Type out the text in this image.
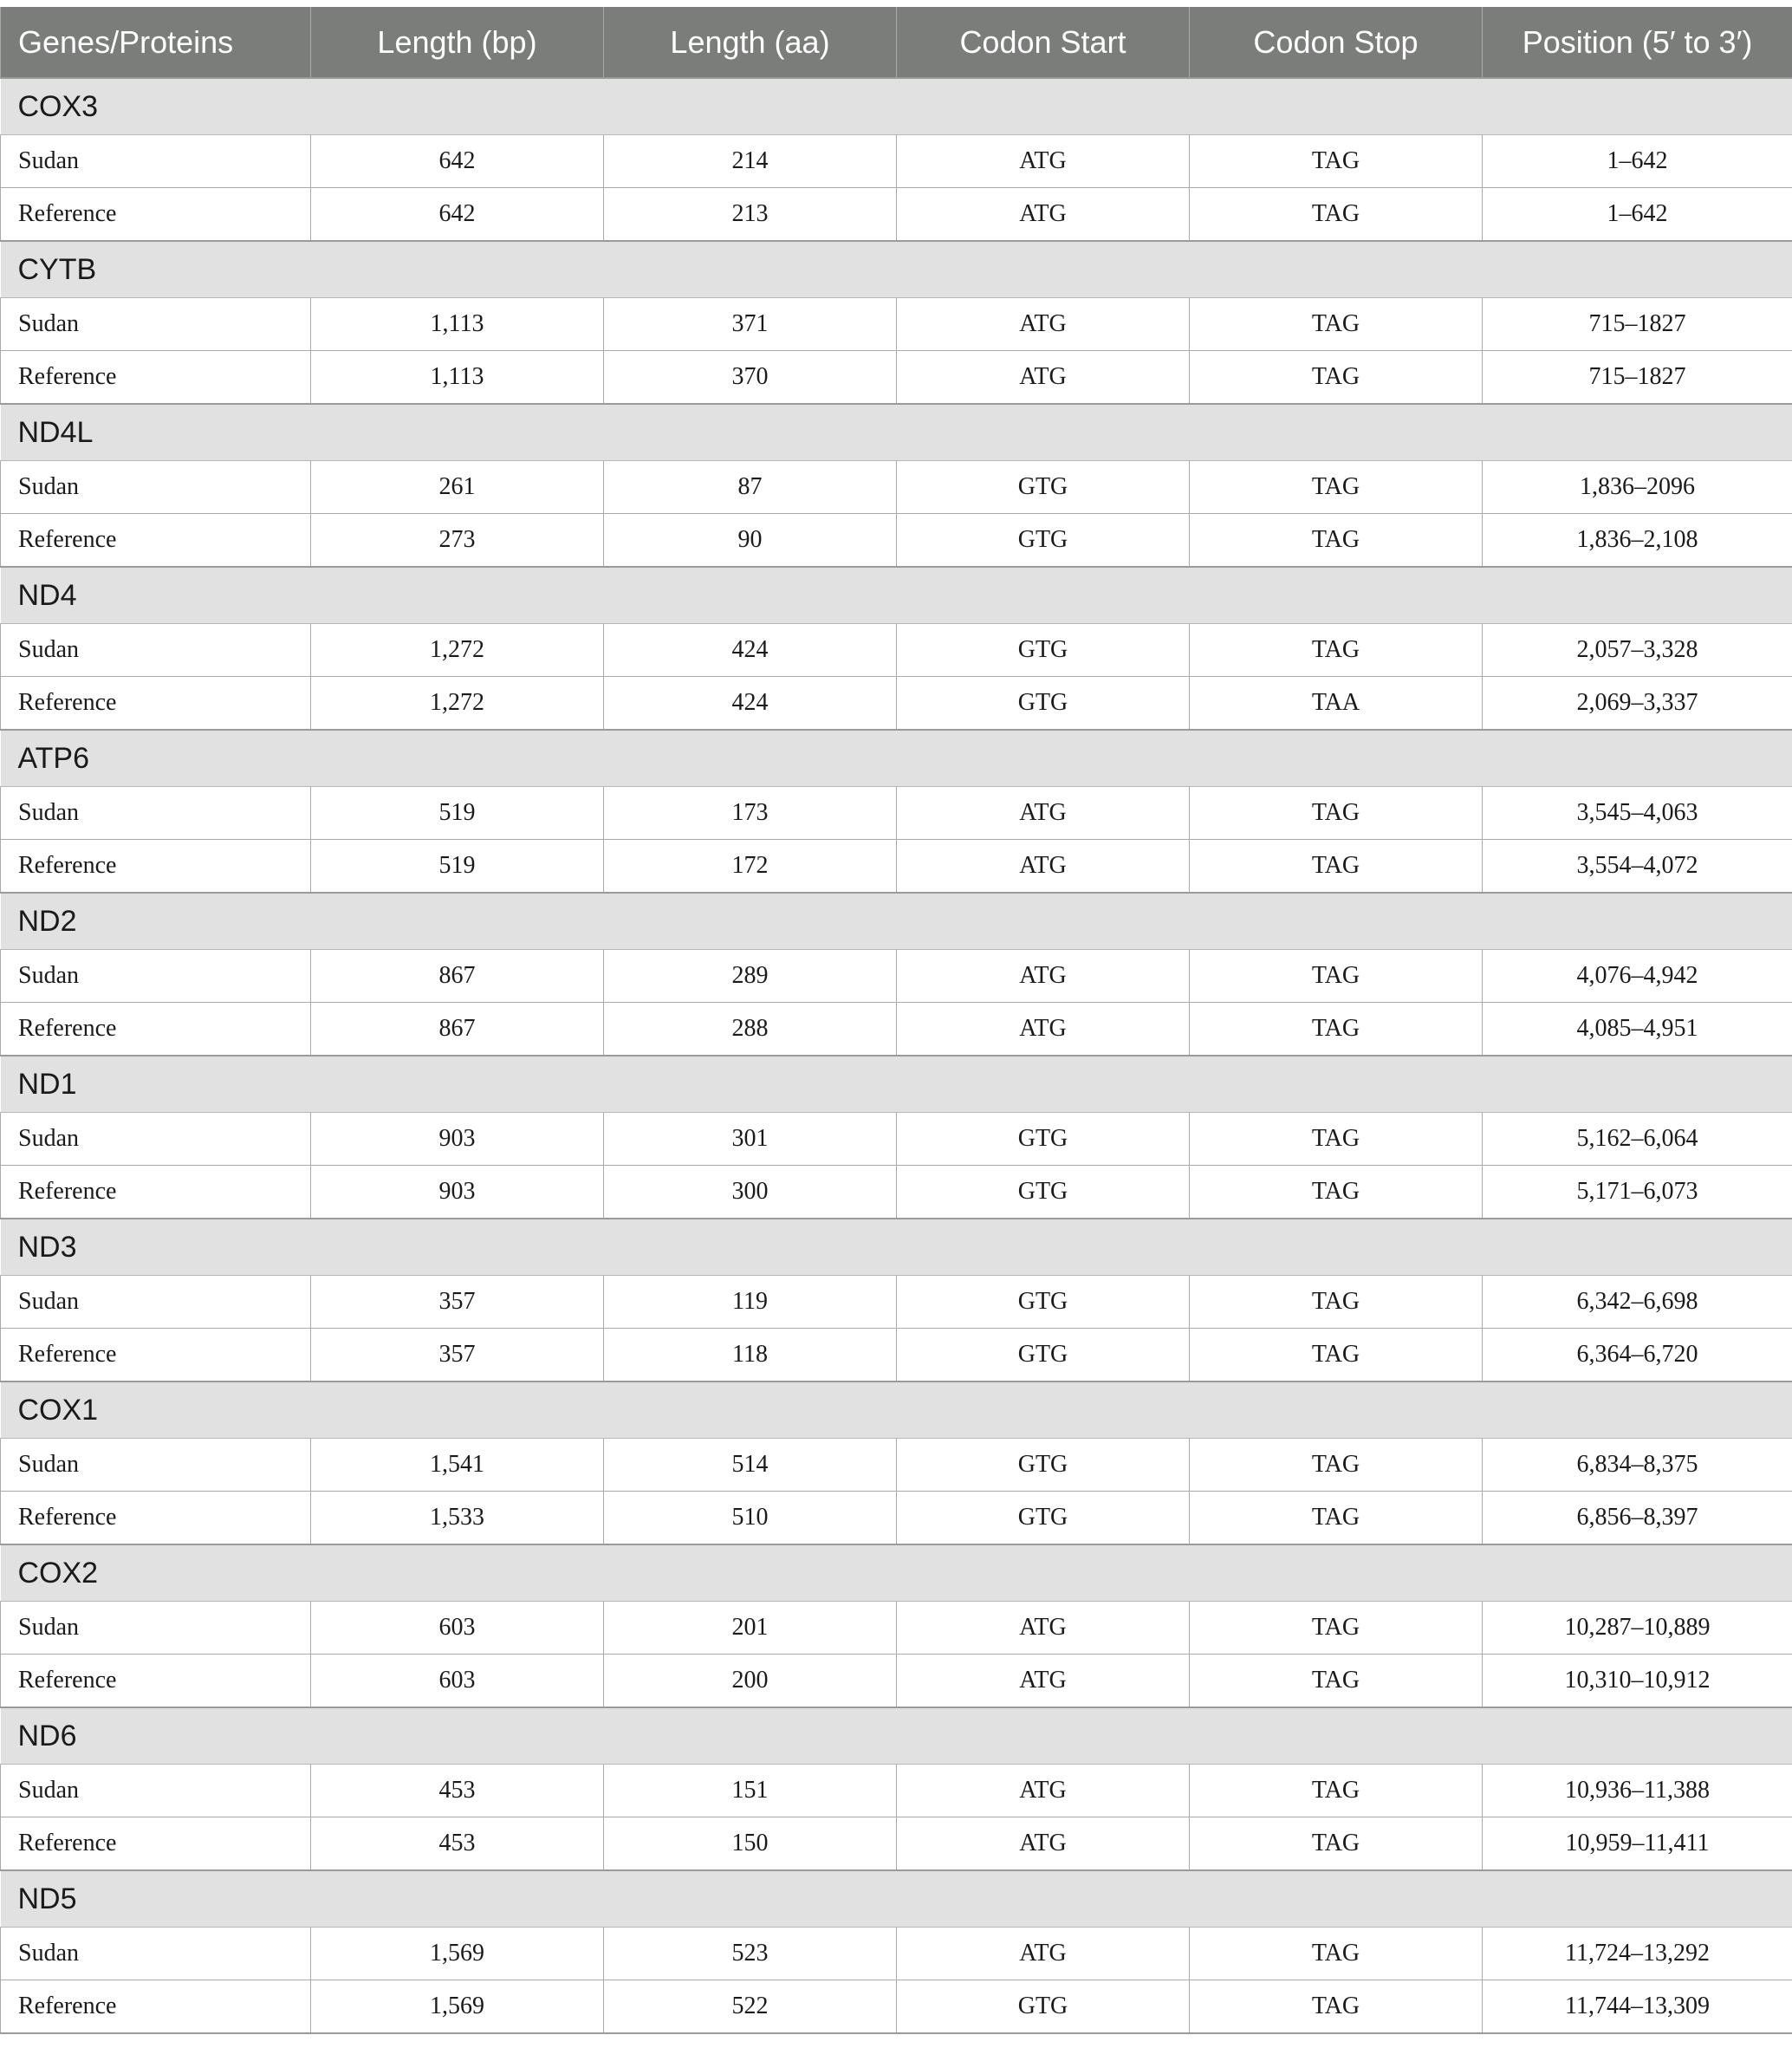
Genes/Proteins	Length (bp)	Length (aa)	Codon Start	Codon Stop	Position (5′ to 3′)
COX3					
Sudan	642	214	ATG	TAG	1–642
Reference	642	213	ATG	TAG	1–642
CYTB					
Sudan	1,113	371	ATG	TAG	715–1827
Reference	1,113	370	ATG	TAG	715–1827
ND4L					
Sudan	261	87	GTG	TAG	1,836–2096
Reference	273	90	GTG	TAG	1,836–2,108
ND4					
Sudan	1,272	424	GTG	TAG	2,057–3,328
Reference	1,272	424	GTG	TAA	2,069–3,337
ATP6					
Sudan	519	173	ATG	TAG	3,545–4,063
Reference	519	172	ATG	TAG	3,554–4,072
ND2					
Sudan	867	289	ATG	TAG	4,076–4,942
Reference	867	288	ATG	TAG	4,085–4,951
ND1					
Sudan	903	301	GTG	TAG	5,162–6,064
Reference	903	300	GTG	TAG	5,171–6,073
ND3					
Sudan	357	119	GTG	TAG	6,342–6,698
Reference	357	118	GTG	TAG	6,364–6,720
COX1					
Sudan	1,541	514	GTG	TAG	6,834–8,375
Reference	1,533	510	GTG	TAG	6,856–8,397
COX2					
Sudan	603	201	ATG	TAG	10,287–10,889
Reference	603	200	ATG	TAG	10,310–10,912
ND6					
Sudan	453	151	ATG	TAG	10,936–11,388
Reference	453	150	ATG	TAG	10,959–11,411
ND5					
Sudan	1,569	523	ATG	TAG	11,724–13,292
Reference	1,569	522	GTG	TAG	11,744–13,309
